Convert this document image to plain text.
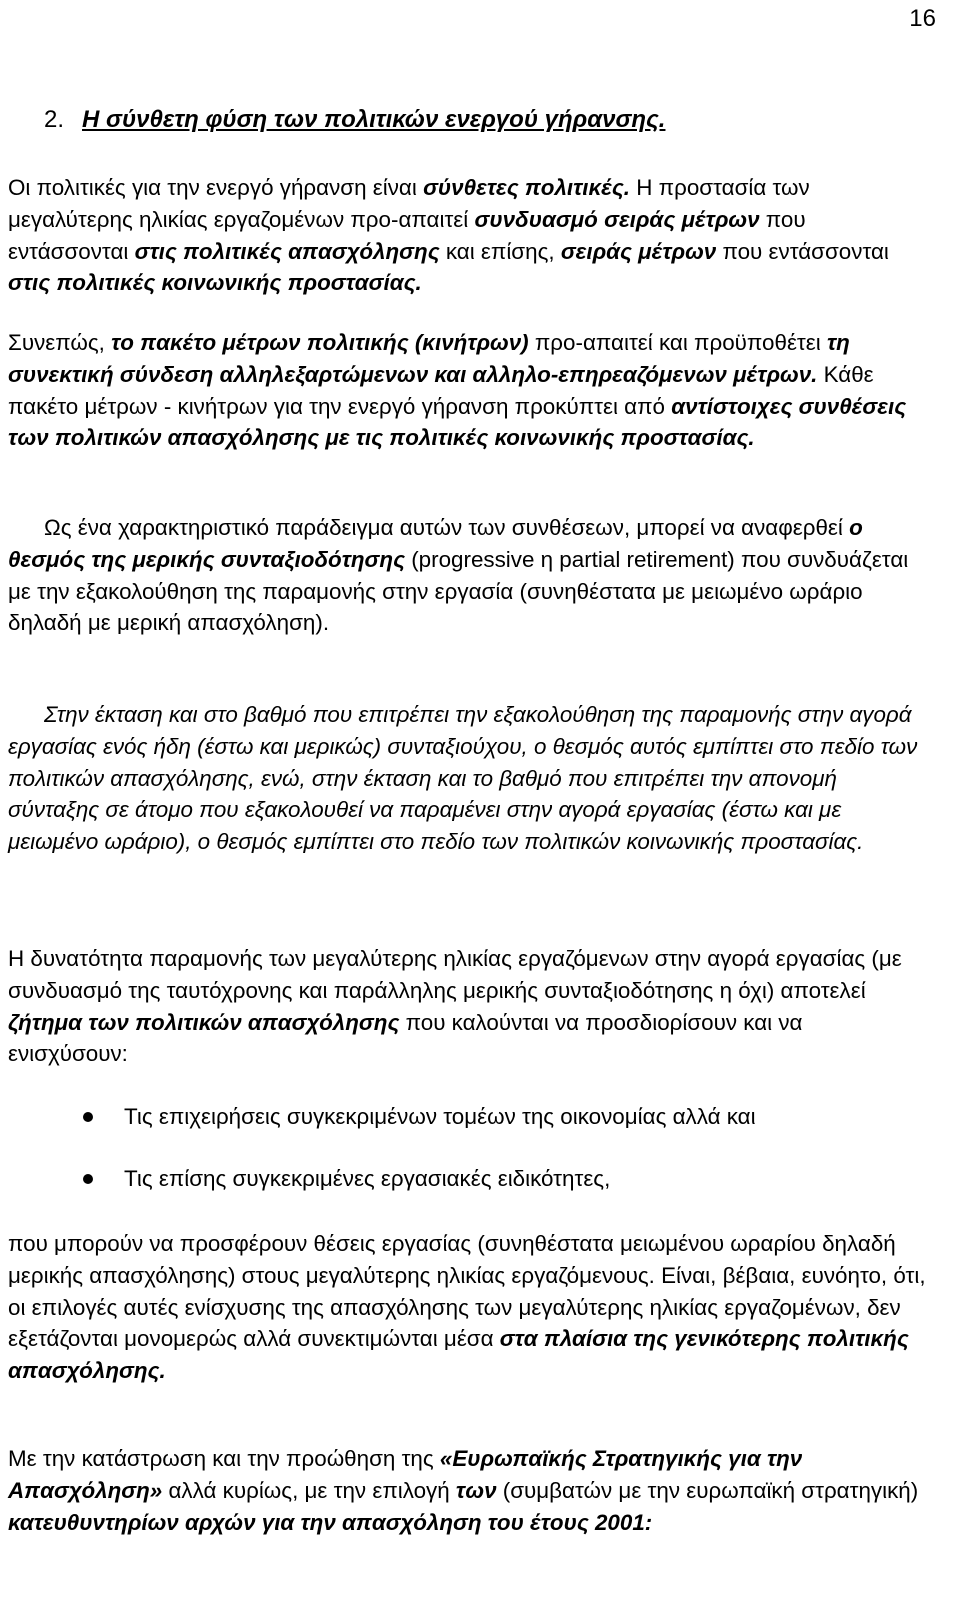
16
2. Η σύνθετη φύση των πολιτικών ενεργού γήρανσης.

Οι πολιτικές για την ενεργό γήρανση είναι σύνθετες πολιτικές. Η προστασία των μεγαλύτερης ηλικίας εργαζομένων προ-απαιτεί συνδυασμό σειράς μέτρων που εντάσσονται στις πολιτικές απασχόλησης και επίσης, σειράς μέτρων που εντάσσονται στις πολιτικές κοινωνικής προστασίας.

Συνεπώς, το πακέτο μέτρων πολιτικής (κινήτρων) προ-απαιτεί και προϋποθέτει τη συνεκτική σύνδεση αλληλεξαρτώμενων και αλληλο-επηρεαζόμενων μέτρων. Κάθε πακέτο μέτρων - κινήτρων για την ενεργό γήρανση προκύπτει από αντίστοιχες συνθέσεις των πολιτικών απασχόλησης με τις πολιτικές κοινωνικής προστασίας.

Ως ένα χαρακτηριστικό παράδειγμα αυτών των συνθέσεων, μπορεί να αναφερθεί ο θεσμός της μερικής συνταξιοδότησης (progressive η partial retirement) που συνδυάζεται με την εξακολούθηση της παραμονής στην εργασία (συνηθέστατα με μειωμένο ωράριο δηλαδή με μερική απασχόληση).

Στην έκταση και στο βαθμό που επιτρέπει την εξακολούθηση της παραμονής στην αγορά εργασίας ενός ήδη (έστω και μερικώς) συνταξιούχου, ο θεσμός αυτός εμπίπτει στο πεδίο των πολιτικών απασχόλησης, ενώ, στην έκταση και το βαθμό που επιτρέπει την απονομή σύνταξης σε άτομο που εξακολουθεί να παραμένει στην αγορά εργασίας (έστω και με μειωμένο ωράριο), ο θεσμός εμπίπτει στο πεδίο των πολιτικών κοινωνικής προστασίας.

Η δυνατότητα παραμονής των μεγαλύτερης ηλικίας εργαζόμενων στην αγορά εργασίας (με συνδυασμό της ταυτόχρονης και παράλληλης μερικής συνταξιοδότησης η όχι) αποτελεί ζήτημα των πολιτικών απασχόλησης που καλούνται να προσδιορίσουν και να ενισχύσουν:

Τις επιχειρήσεις συγκεκριμένων τομέων της οικονομίας αλλά και
Τις επίσης συγκεκριμένες εργασιακές ειδικότητες,

που μπορούν να προσφέρουν θέσεις εργασίας (συνηθέστατα μειωμένου ωραρίου δηλαδή μερικής απασχόλησης) στους μεγαλύτερης ηλικίας εργαζόμενους. Είναι, βέβαια, ευνόητο, ότι, οι επιλογές αυτές ενίσχυσης της απασχόλησης των μεγαλύτερης ηλικίας εργαζομένων, δεν εξετάζονται μονομερώς αλλά συνεκτιμώνται μέσα στα πλαίσια της γενικότερης πολιτικής απασχόλησης.

Με την κατάστρωση και την προώθηση της «Ευρωπαϊκής Στρατηγικής για την Απασχόληση» αλλά κυρίως, με την επιλογή των (συμβατών με την ευρωπαϊκή στρατηγική) κατευθυντηρίων αρχών για την απασχόληση του έτους 2001:
